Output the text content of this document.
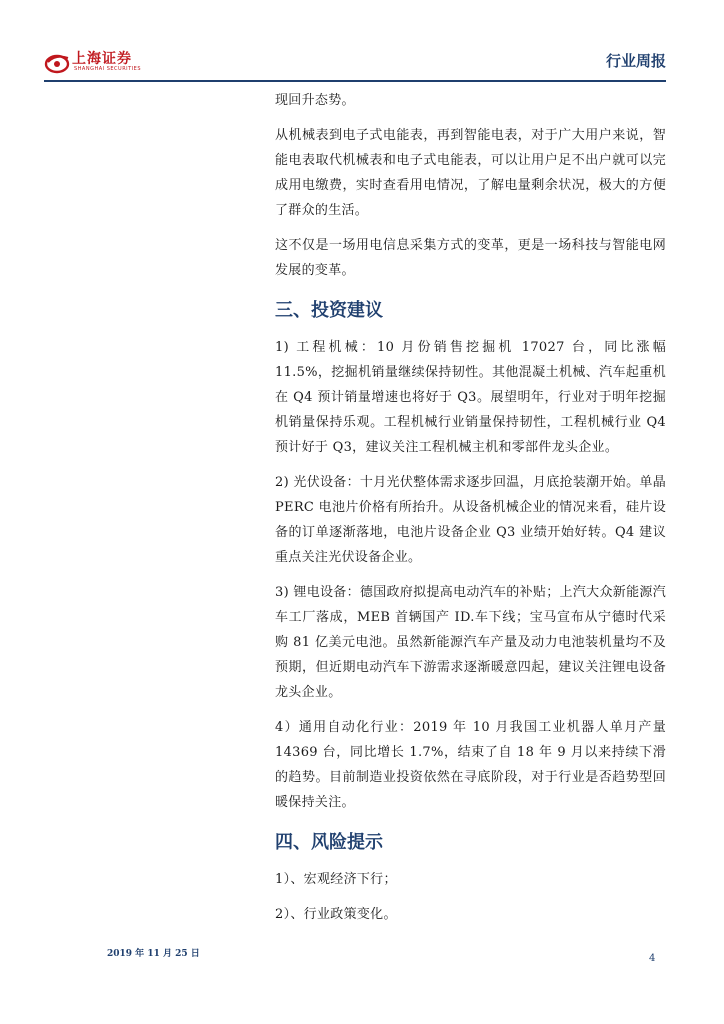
上海证券
SHANGHAI SECURITIES	行业周报

现回升态势。

从机械表到电子式电能表，再到智能电表，对于广大用户来说，智能电表取代机械表和电子式电能表，可以让用户足不出户就可以完成用电缴费，实时查看用电情况，了解电量剩余状况，极大的方便了群众的生活。

这不仅是一场用电信息采集方式的变革，更是一场科技与智能电网发展的变革。

三、投资建议

1) 工程机械：10 月份销售挖掘机 17027 台，同比涨幅 11.5%，挖掘机销量继续保持韧性。其他混凝土机械、汽车起重机在 Q4 预计销量增速也将好于 Q3。展望明年，行业对于明年挖掘机销量保持乐观。工程机械行业销量保持韧性，工程机械行业 Q4 预计好于 Q3，建议关注工程机械主机和零部件龙头企业。

2) 光伏设备：十月光伏整体需求逐步回温，月底抢装潮开始。单晶 PERC 电池片价格有所抬升。从设备机械企业的情况来看，硅片设备的订单逐渐落地，电池片设备企业 Q3 业绩开始好转。Q4 建议重点关注光伏设备企业。

3) 锂电设备：德国政府拟提高电动汽车的补贴；上汽大众新能源汽车工厂落成，MEB 首辆国产 ID.车下线；宝马宣布从宁德时代采购 81 亿美元电池。虽然新能源汽车产量及动力电池装机量均不及预期，但近期电动汽车下游需求逐渐暖意四起，建议关注锂电设备龙头企业。

4）通用自动化行业：2019 年 10 月我国工业机器人单月产量 14369 台，同比增长 1.7%，结束了自 18 年 9 月以来持续下滑的趋势。目前制造业投资依然在寻底阶段，对于行业是否趋势型回暖保持关注。

四、风险提示

1）、宏观经济下行；

2）、行业政策变化。

2019 年 11 月 25 日	4
